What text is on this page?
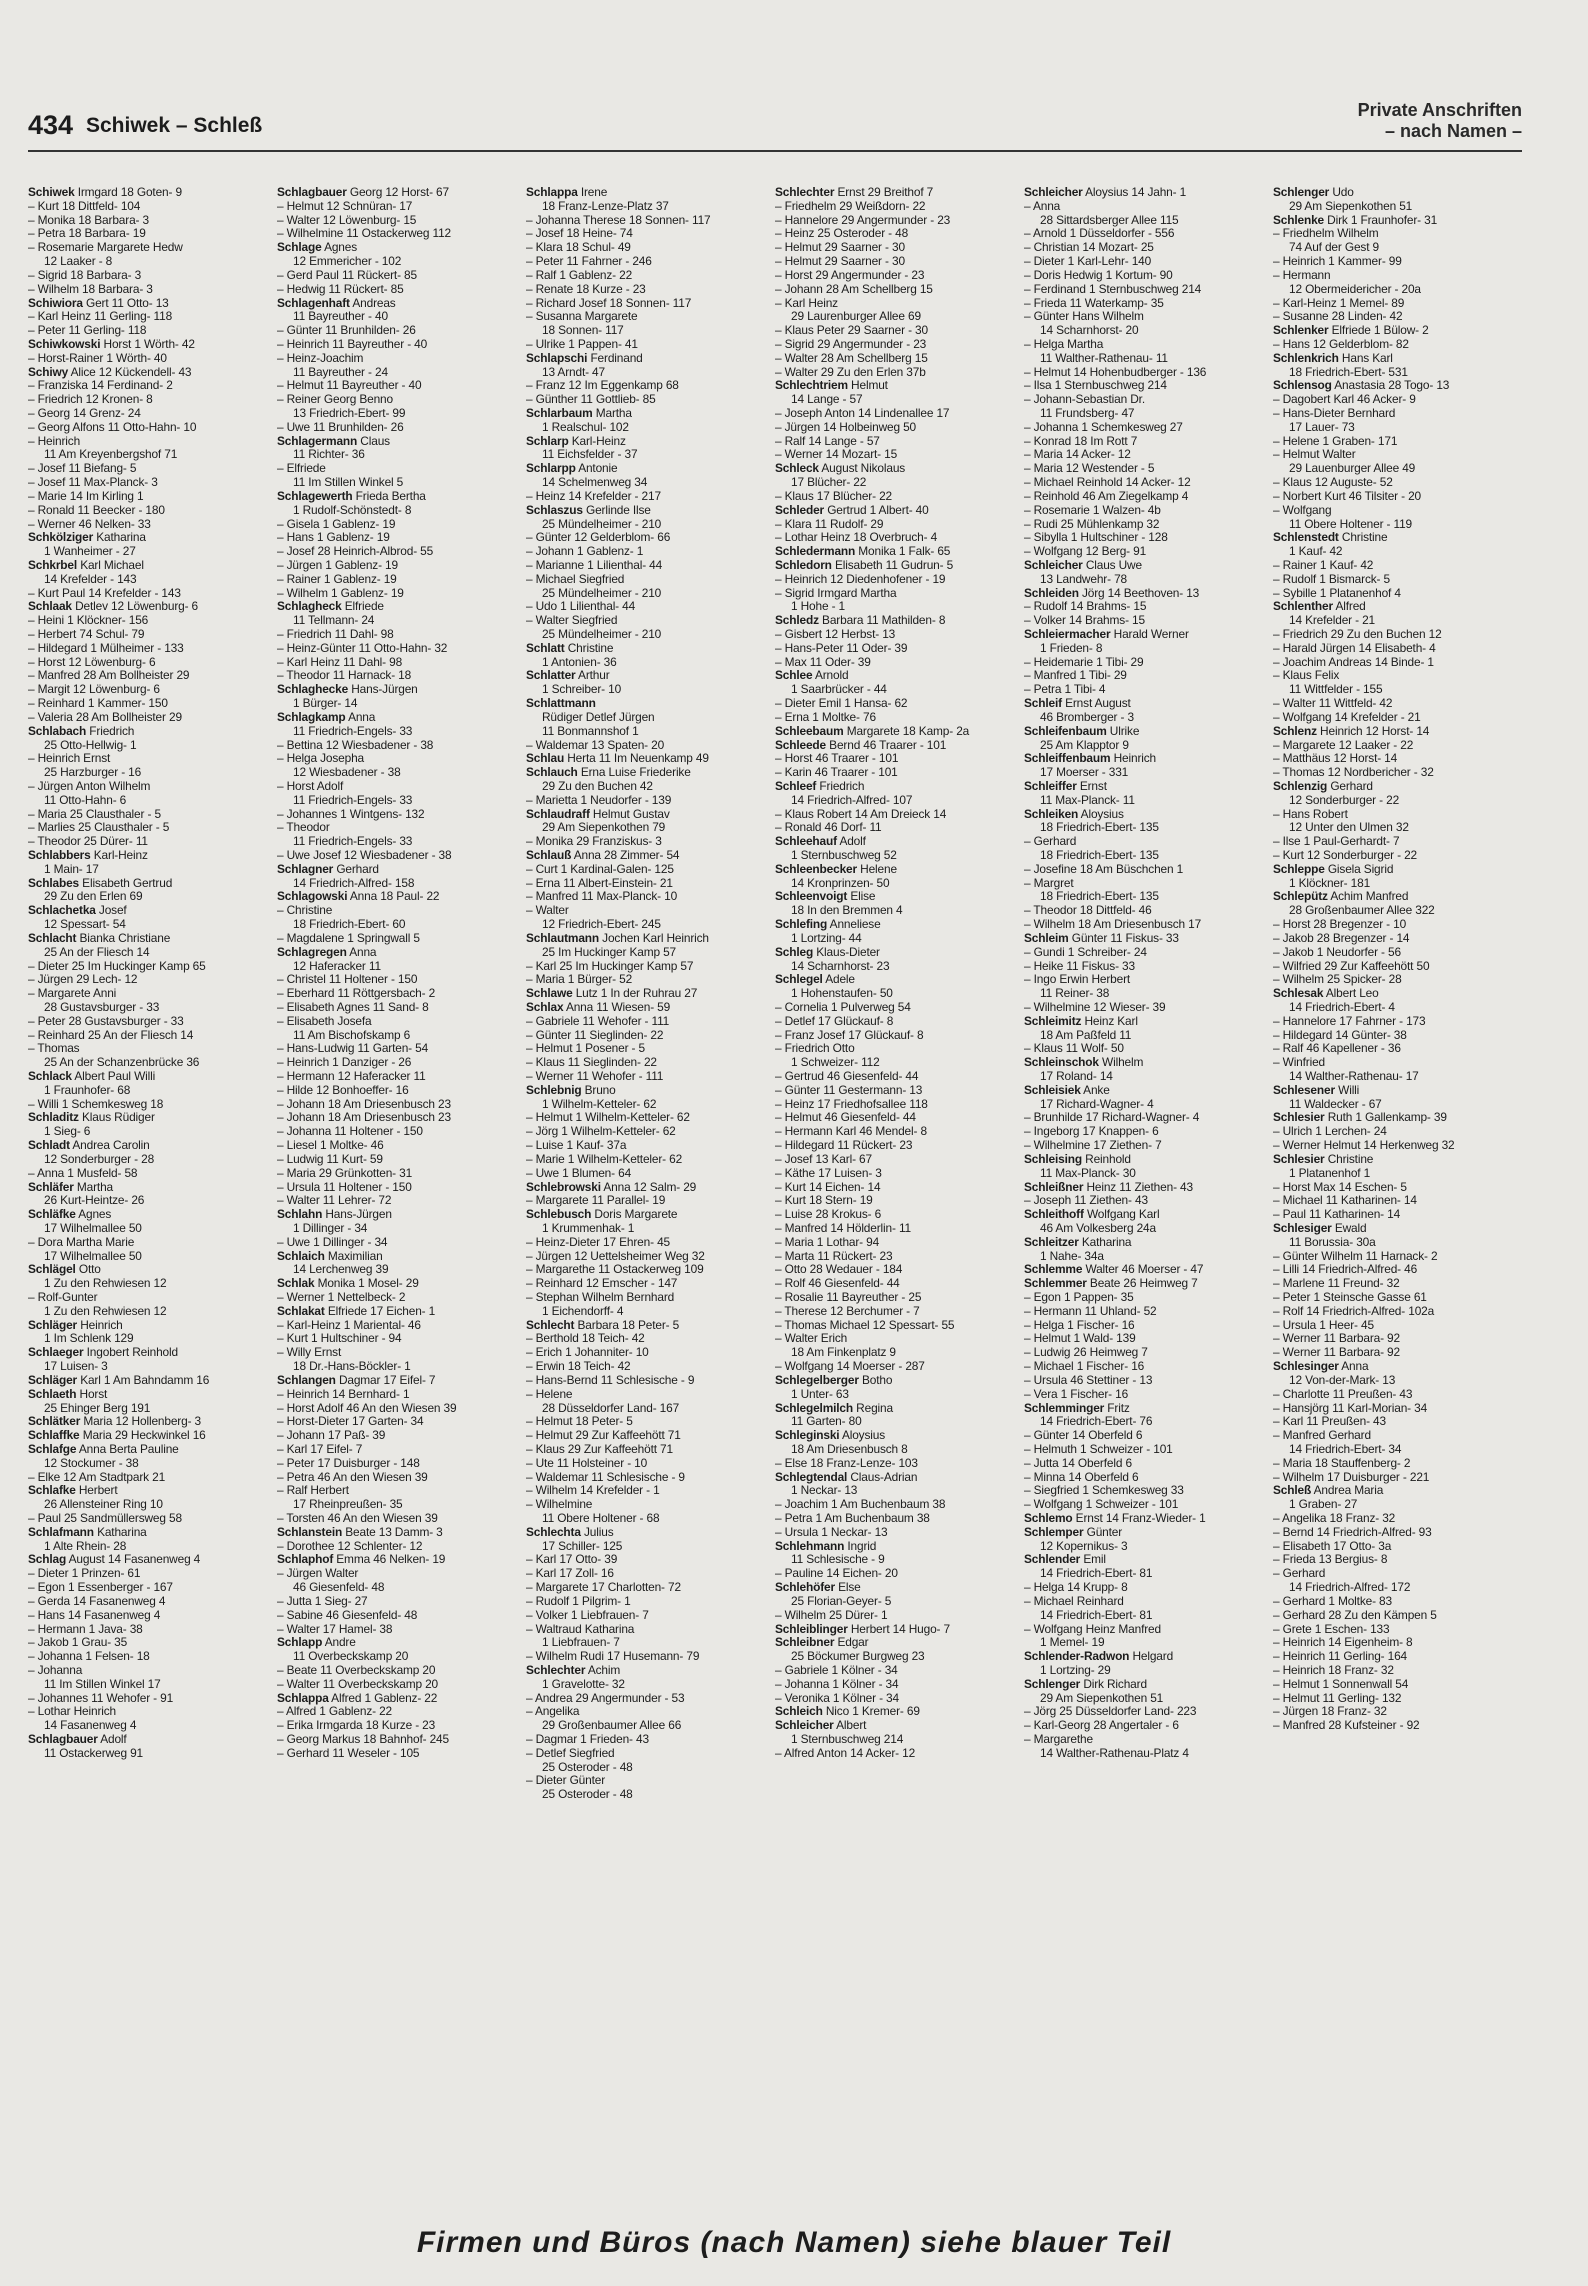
434 Schiwek – Schleß
Private Anschriften
– nach Namen –
Schiwek Irmgard 18 Goten- 9
– Kurt 18 Dittfeld- 104
– Monika 18 Barbara- 3
– Petra 18 Barbara- 19
– Rosemarie Margarete Hedw
12 Laaker - 8
– Sigrid 18 Barbara- 3
– Wilhelm 18 Barbara- 3
Schiwiora Gert 11 Otto- 13
– Karl Heinz 11 Gerling- 118
– Peter 11 Gerling- 118
Schiwkowski Horst 1 Wörth- 42
– Horst-Rainer 1 Wörth- 40
Schiwy Alice 12 Kückendell- 43
– Franziska 14 Ferdinand- 2
– Friedrich 12 Kronen- 8
– Georg 14 Grenz- 24
– Georg Alfons 11 Otto-Hahn- 10
– Heinrich
11 Am Kreyenbergshof 71
– Josef 11 Biefang- 5
– Josef 11 Max-Planck- 3
– Marie 14 Im Kirling 1
– Ronald 11 Beecker - 180
– Werner 46 Nelken- 33
Schkölziger Katharina
1 Wanheimer - 27
Schkrbel Karl Michael
14 Krefelder - 143
– Kurt Paul 14 Krefelder - 143
Schlaak Detlev 12 Löwenburg- 6
– Heini 1 Klöckner- 156
– Herbert 74 Schul- 79
– Hildegard 1 Mülheimer - 133
– Horst 12 Löwenburg- 6
– Manfred 28 Am Bollheister 29
– Margit 12 Löwenburg- 6
– Reinhard 1 Kammer- 150
– Valeria 28 Am Bollheister 29
Schlabach Friedrich
25 Otto-Hellwig- 1
– Heinrich Ernst
25 Harzburger - 16
– Jürgen Anton Wilhelm
11 Otto-Hahn- 6
– Maria 25 Clausthaler - 5
– Marlies 25 Clausthaler - 5
– Theodor 25 Dürer- 11
Schlabbers Karl-Heinz
1 Main- 17
Schlabes Elisabeth Gertrud
29 Zu den Erlen 69
Schlachetka Josef
12 Spessart- 54
Schlacht Bianka Christiane
25 An der Fliesch 14
– Dieter 25 Im Huckinger Kamp 65
– Jürgen 29 Lech- 12
– Margarete Anni
28 Gustavsburger - 33
– Peter 28 Gustavsburger - 33
– Reinhard 25 An der Fliesch 14
– Thomas
25 An der Schanzenbrücke 36
Schlack Albert Paul Willi
1 Fraunhofer- 68
– Willi 1 Schemkesweg 18
Schladitz Klaus Rüdiger
1 Sieg- 6
Schladt Andrea Carolin
12 Sonderburger - 28
– Anna 1 Musfeld- 58
Schläfer Martha
26 Kurt-Heintze- 26
Schläfke Agnes
17 Wilhelmallee 50
– Dora Martha Marie
17 Wilhelmallee 50
Schlägel Otto
1 Zu den Rehwiesen 12
– Rolf-Gunter
1 Zu den Rehwiesen 12
Schläger Heinrich
1 Im Schlenk 129
Schlaeger Ingobert Reinhold
17 Luisen- 3
Schläger Karl 1 Am Bahndamm 16
Schlaeth Horst
25 Ehinger Berg 191
Schlätker Maria 12 Hollenberg- 3
Schlaffke Maria 29 Heckwinkel 16
Schlafge Anna Berta Pauline
12 Stockumer - 38
– Elke 12 Am Stadtpark 21
Schlafke Herbert
26 Allensteiner Ring 10
– Paul 25 Sandmüllersweg 58
Schlafmann Katharina
1 Alte Rhein- 28
Schlag August 14 Fasanenweg 4
– Dieter 1 Prinzen- 61
– Egon 1 Essenberger - 167
– Gerda 14 Fasanenweg 4
– Hans 14 Fasanenweg 4
– Hermann 1 Java- 38
– Jakob 1 Grau- 35
– Johanna 1 Felsen- 18
– Johanna
11 Im Stillen Winkel 17
– Johannes 11 Wehofer - 91
– Lothar Heinrich
14 Fasanenweg 4
Schlagbauer Adolf
11 Ostackerweg 91
Schlagbauer Georg 12 Horst- 67
– Helmut 12 Schnüran- 17
– Walter 12 Löwenburg- 15
– Wilhelmine 11 Ostackerweg 112
Schlage Agnes
12 Emmericher - 102
– Gerd Paul 11 Rückert- 85
– Hedwig 11 Rückert- 85
Schlagenhaft Andreas
11 Bayreuther - 40
– Günter 11 Brunhilden- 26
– Heinrich 11 Bayreuther - 40
– Heinz-Joachim
11 Bayreuther - 24
– Helmut 11 Bayreuther - 40
– Reiner Georg Benno
13 Friedrich-Ebert- 99
– Uwe 11 Brunhilden- 26
Schlagermann Claus
11 Richter- 36
– Elfriede
11 Im Stillen Winkel 5
Schlagewerth Frieda Bertha
1 Rudolf-Schönstedt- 8
– Gisela 1 Gablenz- 19
– Hans 1 Gablenz- 19
– Josef 28 Heinrich-Albrod- 55
– Jürgen 1 Gablenz- 19
– Rainer 1 Gablenz- 19
– Wilhelm 1 Gablenz- 19
Schlagheck Elfriede
11 Tellmann- 24
– Friedrich 11 Dahl- 98
– Heinz-Günter 11 Otto-Hahn- 32
– Karl Heinz 11 Dahl- 98
– Theodor 11 Harnack- 18
Schlaghecke Hans-Jürgen
1 Bürger- 14
Schlagkamp Anna
11 Friedrich-Engels- 33
– Bettina 12 Wiesbadener - 38
– Helga Josepha
12 Wiesbadener - 38
– Horst Adolf
11 Friedrich-Engels- 33
– Johannes 1 Wintgens- 132
– Theodor
11 Friedrich-Engels- 33
– Uwe Josef 12 Wiesbadener - 38
Schlagner Gerhard
14 Friedrich-Alfred- 158
Schlagowski Anna 18 Paul- 22
– Christine
18 Friedrich-Ebert- 60
– Magdalene 1 Springwall 5
Schlagregen Anna
12 Haferacker 11
– Christel 11 Holtener - 150
– Eberhard 11 Röttgersbach- 2
– Elisabeth Agnes 11 Sand- 8
– Elisabeth Josefa
11 Am Bischofskamp 6
– Hans-Ludwig 11 Garten- 54
– Heinrich 1 Danziger - 26
– Hermann 12 Haferacker 11
– Hilde 12 Bonhoeffer- 16
– Johann 18 Am Driesenbusch 23
– Johann 18 Am Driesenbusch 23
– Johanna 11 Holtener - 150
– Liesel 1 Moltke- 46
– Ludwig 11 Kurt- 59
– Maria 29 Grünkotten- 31
– Ursula 11 Holtener - 150
– Walter 11 Lehrer- 72
Schlahn Hans-Jürgen
1 Dillinger - 34
– Uwe 1 Dillinger - 34
Schlaich Maximilian
14 Lerchenweg 39
Schlak Monika 1 Mosel- 29
– Werner 1 Nettelbeck- 2
Schlakat Elfriede 17 Eichen- 1
– Karl-Heinz 1 Mariental- 46
– Kurt 1 Hultschiner - 94
– Willy Ernst
18 Dr.-Hans-Böckler- 1
Schlangen Dagmar 17 Eifel- 7
– Heinrich 14 Bernhard- 1
– Horst Adolf 46 An den Wiesen 39
– Horst-Dieter 17 Garten- 34
– Johann 17 Paß- 39
– Karl 17 Eifel- 7
– Peter 17 Duisburger - 148
– Petra 46 An den Wiesen 39
– Ralf Herbert
17 Rheinpreußen- 35
– Torsten 46 An den Wiesen 39
Schlanstein Beate 13 Damm- 3
– Dorothee 12 Schlenter- 12
Schlaphof Emma 46 Nelken- 19
– Jürgen Walter
46 Giesenfeld- 48
– Jutta 1 Sieg- 27
– Sabine 46 Giesenfeld- 48
– Walter 17 Hamel- 38
Schlapp Andre
11 Overbeckskamp 20
– Beate 11 Overbeckskamp 20
– Walter 11 Overbeckskamp 20
Schlappa Alfred 1 Gablenz- 22
– Alfred 1 Gablenz- 22
– Erika Irmgarda 18 Kurze - 23
– Georg Markus 18 Bahnhof- 245
– Gerhard 11 Weseler - 105
Schlappa Irene
18 Franz-Lenze-Platz 37
– Johanna Therese 18 Sonnen- 117
– Josef 18 Heine- 74
– Klara 18 Schul- 49
– Peter 11 Fahrner - 246
– Ralf 1 Gablenz- 22
– Renate 18 Kurze - 23
– Richard Josef 18 Sonnen- 117
– Susanna Margarete
18 Sonnen- 117
– Ulrike 1 Pappen- 41
Schlapschi Ferdinand
13 Arndt- 47
– Franz 12 Im Eggenkamp 68
– Günther 11 Gottlieb- 85
Schlarbaum Martha
1 Realschul- 102
Schlarp Karl-Heinz
11 Eichsfelder - 37
Schlarpp Antonie
14 Schelmenweg 34
– Heinz 14 Krefelder - 217
Schlaszus Gerlinde Ilse
25 Mündelheimer - 210
– Günter 12 Gelderblom- 66
– Johann 1 Gablenz- 1
– Marianne 1 Lilienthal- 44
– Michael Siegfried
25 Mündelheimer - 210
– Udo 1 Lilienthal- 44
– Walter Siegfried
25 Mündelheimer - 210
Schlatt Christine
1 Antonien- 36
Schlatter Arthur
1 Schreiber- 10
Schlattmann
Rüdiger Detlef Jürgen
11 Bonmannshof 1
– Waldemar 13 Spaten- 20
Schlau Herta 11 Im Neuenkamp 49
Schlauch Erna Luise Friederike
29 Zu den Buchen 42
– Marietta 1 Neudorfer - 139
Schlaudraff Helmut Gustav
29 Am Siepenkothen 79
– Monika 29 Franziskus- 3
Schlauß Anna 28 Zimmer- 54
– Curt 1 Kardinal-Galen- 125
– Erna 11 Albert-Einstein- 21
– Manfred 11 Max-Planck- 10
– Walter
12 Friedrich-Ebert- 245
Schlautmann Jochen Karl Heinrich
25 Im Huckinger Kamp 57
– Karl 25 Im Huckinger Kamp 57
– Maria 1 Bürger- 52
Schlawe Lutz 1 In der Ruhrau 27
Schlax Anna 11 Wiesen- 59
– Gabriele 11 Wehofer - 111
– Günter 11 Sieglinden- 22
– Helmut 1 Posener - 5
– Klaus 11 Sieglinden- 22
– Werner 11 Wehofer - 111
Schlebnig Bruno
1 Wilhelm-Ketteler- 62
– Helmut 1 Wilhelm-Ketteler- 62
– Jörg 1 Wilhelm-Ketteler- 62
– Luise 1 Kauf- 37a
– Marie 1 Wilhelm-Ketteler- 62
– Uwe 1 Blumen- 64
Schlebrowski Anna 12 Salm- 29
– Margarete 11 Parallel- 19
Schlebusch Doris Margarete
1 Krummenhak- 1
– Heinz-Dieter 17 Ehren- 45
– Jürgen 12 Uettelsheimer Weg 32
– Margarethe 11 Ostackerweg 109
– Reinhard 12 Emscher - 147
– Stephan Wilhelm Bernhard
1 Eichendorff- 4
Schlecht Barbara 18 Peter- 5
– Berthold 18 Teich- 42
– Erich 1 Johanniter- 10
– Erwin 18 Teich- 42
– Hans-Bernd 11 Schlesische - 9
– Helene
28 Düsseldorfer Land- 167
– Helmut 18 Peter- 5
– Helmut 29 Zur Kaffeehött 71
– Klaus 29 Zur Kaffeehött 71
– Ute 11 Holsteiner - 10
– Waldemar 11 Schlesische - 9
– Wilhelm 14 Krefelder - 1
– Wilhelmine
11 Obere Holtener - 68
Schlechta Julius
17 Schiller- 125
– Karl 17 Otto- 39
– Karl 17 Zoll- 16
– Margarete 17 Charlotten- 72
– Rudolf 1 Pilgrim- 1
– Volker 1 Liebfrauen- 7
– Waltraud Katharina
1 Liebfrauen- 7
– Wilhelm Rudi 17 Husemann- 79
Schlechter Achim
1 Gravelotte- 32
– Andrea 29 Angermunder - 53
– Angelika
29 Großenbaumer Allee 66
– Dagmar 1 Frieden- 43
– Detlef Siegfried
25 Osteroder - 48
– Dieter Günter
25 Osteroder - 48
Schlechter Ernst 29 Breithof 7
– Friedhelm 29 Weißdorn- 22
– Hannelore 29 Angermunder - 23
– Heinz 25 Osteroder - 48
– Helmut 29 Saarner - 30
– Helmut 29 Saarner - 30
– Horst 29 Angermunder - 23
– Johann 28 Am Schellberg 15
– Karl Heinz
29 Laurenburger Allee 69
– Klaus Peter 29 Saarner - 30
– Sigrid 29 Angermunder - 23
– Walter 28 Am Schellberg 15
– Walter 29 Zu den Erlen 37b
Schlechtriem Helmut
14 Lange - 57
– Joseph Anton 14 Lindenallee 17
– Jürgen 14 Holbeinweg 50
– Ralf 14 Lange - 57
– Werner 14 Mozart- 15
Schleck August Nikolaus
17 Blücher- 22
– Klaus 17 Blücher- 22
Schleder Gertrud 1 Albert- 40
– Klara 11 Rudolf- 29
– Lothar Heinz 18 Overbruch- 4
Schledermann Monika 1 Falk- 65
Schledorn Elisabeth 11 Gudrun- 5
– Heinrich 12 Diedenhofener - 19
– Sigrid Irmgard Martha
1 Hohe - 1
Schledz Barbara 11 Mathilden- 8
– Gisbert 12 Herbst- 13
– Hans-Peter 11 Oder- 39
– Max 11 Oder- 39
Schlee Arnold
1 Saarbrücker - 44
– Dieter Emil 1 Hansa- 62
– Erna 1 Moltke- 76
Schleebaum Margarete 18 Kamp- 2a
Schleede Bernd 46 Traarer - 101
– Horst 46 Traarer - 101
– Karin 46 Traarer - 101
Schleef Friedrich
14 Friedrich-Alfred- 107
– Klaus Robert 14 Am Dreieck 14
– Ronald 46 Dorf- 11
Schleehauf Adolf
1 Sternbuschweg 52
Schleenbecker Helene
14 Kronprinzen- 50
Schleenvoigt Elise
18 In den Bremmen 4
Schlefing Anneliese
1 Lortzing- 44
Schleg Klaus-Dieter
14 Scharnhorst- 23
Schlegel Adele
1 Hohenstaufen- 50
– Cornelia 1 Pulverweg 54
– Detlef 17 Glückauf- 8
– Franz Josef 17 Glückauf- 8
– Friedrich Otto
1 Schweizer- 112
– Gertrud 46 Giesenfeld- 44
– Günter 11 Gestermann- 13
– Heinz 17 Friedhofsallee 118
– Helmut 46 Giesenfeld- 44
– Hermann Karl 46 Mendel- 8
– Hildegard 11 Rückert- 23
– Josef 13 Karl- 67
– Käthe 17 Luisen- 3
– Kurt 14 Eichen- 14
– Kurt 18 Stern- 19
– Luise 28 Krokus- 6
– Manfred 14 Hölderlin- 11
– Maria 1 Lothar- 94
– Marta 11 Rückert- 23
– Otto 28 Wedauer - 184
– Rolf 46 Giesenfeld- 44
– Rosalie 11 Bayreuther - 25
– Therese 12 Berchumer - 7
– Thomas Michael 12 Spessart- 55
– Walter Erich
18 Am Finkenplatz 9
– Wolfgang 14 Moerser - 287
Schlegelberger Botho
1 Unter- 63
Schlegelmilch Regina
11 Garten- 80
Schleginski Aloysius
18 Am Driesenbusch 8
– Else 18 Franz-Lenze- 103
Schlegtendal Claus-Adrian
1 Neckar- 13
– Joachim 1 Am Buchenbaum 38
– Petra 1 Am Buchenbaum 38
– Ursula 1 Neckar- 13
Schlehmann Ingrid
11 Schlesische - 9
– Pauline 14 Eichen- 20
Schlehöfer Else
25 Florian-Geyer- 5
– Wilhelm 25 Dürer- 1
Schleiblinger Herbert 14 Hugo- 7
Schleibner Edgar
25 Böckumer Burgweg 23
– Gabriele 1 Kölner - 34
– Johanna 1 Kölner - 34
– Veronika 1 Kölner - 34
Schleich Nico 1 Kremer- 69
Schleicher Albert
1 Sternbuschweg 214
– Alfred Anton 14 Acker- 12
Schleicher Aloysius 14 Jahn- 1
– Anna
28 Sittardsberger Allee 115
– Arnold 1 Düsseldorfer - 556
– Christian 14 Mozart- 25
– Dieter 1 Karl-Lehr- 140
– Doris Hedwig 1 Kortum- 90
– Ferdinand 1 Sternbuschweg 214
– Frieda 11 Waterkamp- 35
– Günter Hans Wilhelm
14 Scharnhorst- 20
– Helga Martha
11 Walther-Rathenau- 11
– Helmut 14 Hohenbudberger - 136
– Ilsa 1 Sternbuschweg 214
– Johann-Sebastian Dr.
11 Frundsberg- 47
– Johanna 1 Schemkesweg 27
– Konrad 18 Im Rott 7
– Maria 14 Acker- 12
– Maria 12 Westender - 5
– Michael Reinhold 14 Acker- 12
– Reinhold 46 Am Ziegelkamp 4
– Rosemarie 1 Walzen- 4b
– Rudi 25 Mühlenkamp 32
– Sibylla 1 Hultschiner - 128
– Wolfgang 12 Berg- 91
Schleicher Claus Uwe
13 Landwehr- 78
Schleiden Jörg 14 Beethoven- 13
– Rudolf 14 Brahms- 15
– Volker 14 Brahms- 15
Schleiermacher Harald Werner
1 Frieden- 8
– Heidemarie 1 Tibi- 29
– Manfred 1 Tibi- 29
– Petra 1 Tibi- 4
Schleif Ernst August
46 Bromberger - 3
Schleifenbaum Ulrike
25 Am Klapptor 9
Schleiffenbaum Heinrich
17 Moerser - 331
Schleiffer Ernst
11 Max-Planck- 11
Schleiken Aloysius
18 Friedrich-Ebert- 135
– Gerhard
18 Friedrich-Ebert- 135
– Josefine 18 Am Büschchen 1
– Margret
18 Friedrich-Ebert- 135
– Theodor 18 Dittfeld- 46
– Wilhelm 18 Am Driesenbusch 17
Schleim Günter 11 Fiskus- 33
– Gundi 1 Schreiber- 24
– Heike 11 Fiskus- 33
– Ingo Erwin Herbert
11 Reiner- 38
– Wilhelmine 12 Wieser- 39
Schleimitz Heinz Karl
18 Am Paßfeld 11
– Klaus 11 Wolf- 50
Schleinschok Wilhelm
17 Roland- 14
Schleisiek Anke
17 Richard-Wagner- 4
– Brunhilde 17 Richard-Wagner- 4
– Ingeborg 17 Knappen- 6
– Wilhelmine 17 Ziethen- 7
Schleising Reinhold
11 Max-Planck- 30
Schleißner Heinz 11 Ziethen- 43
– Joseph 11 Ziethen- 43
Schleithoff Wolfgang Karl
46 Am Volkesberg 24a
Schleitzer Katharina
1 Nahe- 34a
Schlemme Walter 46 Moerser - 47
Schlemmer Beate 26 Heimweg 7
– Egon 1 Pappen- 35
– Hermann 11 Uhland- 52
– Helga 1 Fischer- 16
– Helmut 1 Wald- 139
– Ludwig 26 Heimweg 7
– Michael 1 Fischer- 16
– Ursula 46 Stettiner - 13
– Vera 1 Fischer- 16
Schlemminger Fritz
14 Friedrich-Ebert- 76
– Günter 14 Oberfeld 6
– Helmuth 1 Schweizer - 101
– Jutta 14 Oberfeld 6
– Minna 14 Oberfeld 6
– Siegfried 1 Schemkesweg 33
– Wolfgang 1 Schweizer - 101
Schlemo Ernst 14 Franz-Wieder- 1
Schlemper Günter
12 Kopernikus- 3
Schlender Emil
14 Friedrich-Ebert- 81
– Helga 14 Krupp- 8
– Michael Reinhard
14 Friedrich-Ebert- 81
– Wolfgang Heinz Manfred
1 Memel- 19
Schlender-Radwon Helgard
1 Lortzing- 29
Schlenger Dirk Richard
29 Am Siepenkothen 51
– Jörg 25 Düsseldorfer Land- 223
– Karl-Georg 28 Angertaler - 6
– Margarethe
14 Walther-Rathenau-Platz 4
Schlenger Udo
29 Am Siepenkothen 51
Schlenke Dirk 1 Fraunhofer- 31
– Friedhelm Wilhelm
74 Auf der Gest 9
– Heinrich 1 Kammer- 99
– Hermann
12 Obermeidericher - 20a
– Karl-Heinz 1 Memel- 89
– Susanne 28 Linden- 42
Schlenker Elfriede 1 Bülow- 2
– Hans 12 Gelderblom- 82
Schlenkrich Hans Karl
18 Friedrich-Ebert- 531
Schlensog Anastasia 28 Togo- 13
– Dagobert Karl 46 Acker- 9
– Hans-Dieter Bernhard
17 Lauer- 73
– Helene 1 Graben- 171
– Helmut Walter
29 Lauenburger Allee 49
– Klaus 12 Auguste- 52
– Norbert Kurt 46 Tilsiter - 20
– Wolfgang
11 Obere Holtener - 119
Schlenstedt Christine
1 Kauf- 42
– Rainer 1 Kauf- 42
– Rudolf 1 Bismarck- 5
– Sybille 1 Platanenhof 4
Schlenther Alfred
14 Krefelder - 21
– Friedrich 29 Zu den Buchen 12
– Harald Jürgen 14 Elisabeth- 4
– Joachim Andreas 14 Binde- 1
– Klaus Felix
11 Wittfelder - 155
– Walter 11 Wittfeld- 42
– Wolfgang 14 Krefelder - 21
Schlenz Heinrich 12 Horst- 14
– Margarete 12 Laaker - 22
– Matthäus 12 Horst- 14
– Thomas 12 Nordbericher - 32
Schlenzig Gerhard
12 Sonderburger - 22
– Hans Robert
12 Unter den Ulmen 32
– Ilse 1 Paul-Gerhardt- 7
– Kurt 12 Sonderburger - 22
Schleppe Gisela Sigrid
1 Klöckner- 181
Schlepütz Achim Manfred
28 Großenbaumer Allee 322
– Horst 28 Bregenzer - 10
– Jakob 28 Bregenzer - 14
– Jakob 1 Neudorfer - 56
– Wilfried 29 Zur Kaffeehött 50
– Wilhelm 25 Spicker- 28
Schlesak Albert Leo
14 Friedrich-Ebert- 4
– Hannelore 17 Fahrner - 173
– Hildegard 14 Günter- 38
– Ralf 46 Kapellener - 36
– Winfried
14 Walther-Rathenau- 17
Schlesener Willi
11 Waldecker - 67
Schlesier Ruth 1 Gallenkamp- 39
– Ulrich 1 Lerchen- 24
– Werner Helmut 14 Herkenweg 32
Schlesier Christine
1 Platanenhof 1
– Horst Max 14 Eschen- 5
– Michael 11 Katharinen- 14
– Paul 11 Katharinen- 14
Schlesiger Ewald
11 Borussia- 30a
– Günter Wilhelm 11 Harnack- 2
– Lilli 14 Friedrich-Alfred- 46
– Marlene 11 Freund- 32
– Peter 1 Steinsche Gasse 61
– Rolf 14 Friedrich-Alfred- 102a
– Ursula 1 Heer- 45
– Werner 11 Barbara- 92
– Werner 11 Barbara- 92
Schlesinger Anna
12 Von-der-Mark- 13
– Charlotte 11 Preußen- 43
– Hansjörg 11 Karl-Morian- 34
– Karl 11 Preußen- 43
– Manfred Gerhard
14 Friedrich-Ebert- 34
– Maria 18 Stauffenberg- 2
– Wilhelm 17 Duisburger - 221
Schleß Andrea Maria
1 Graben- 27
– Angelika 18 Franz- 32
– Bernd 14 Friedrich-Alfred- 93
– Elisabeth 17 Otto- 3a
– Frieda 13 Bergius- 8
– Gerhard
14 Friedrich-Alfred- 172
– Gerhard 1 Moltke- 83
– Gerhard 28 Zu den Kämpen 5
– Grete 1 Eschen- 133
– Heinrich 14 Eigenheim- 8
– Heinrich 11 Gerling- 164
– Heinrich 18 Franz- 32
– Helmut 1 Sonnenwall 54
– Helmut 11 Gerling- 132
– Jürgen 18 Franz- 32
– Manfred 28 Kufsteiner - 92
Firmen und Büros (nach Namen) siehe blauer Teil
